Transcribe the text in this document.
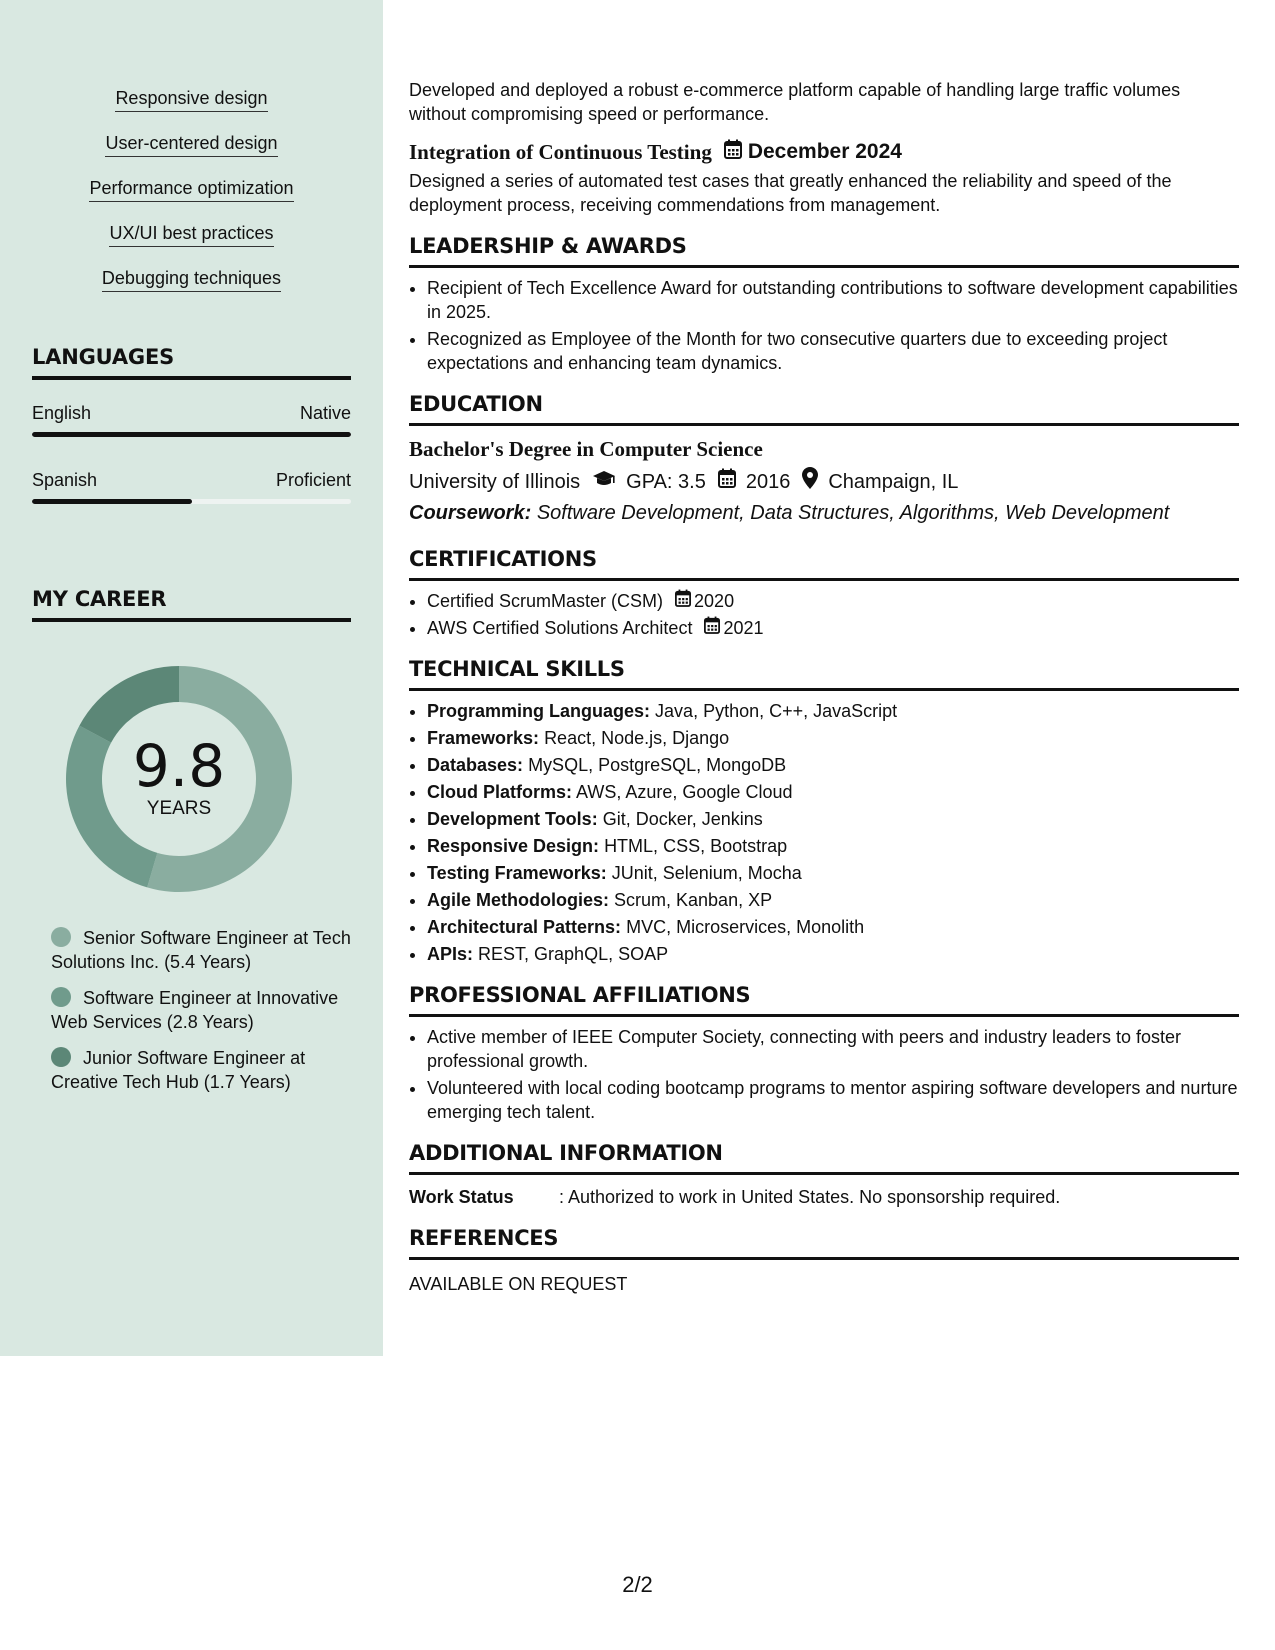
Responsive design
User-centered design
Performance optimization
UX/UI best practices
Debugging techniques
LANGUAGES
English	Native
Spanish	Proficient
MY CAREER
9.8
YEARS
Senior Software Engineer at Tech Solutions Inc. (5.4 Years)
Software Engineer at Innovative Web Services (2.8 Years)
Junior Software Engineer at Creative Tech Hub (1.7 Years)

Developed and deployed a robust e-commerce platform capable of handling large traffic volumes without compromising speed or performance.

Integration of Continuous Testing December 2024

Designed a series of automated test cases that greatly enhanced the reliability and speed of the deployment process, receiving commendations from management.

LEADERSHIP & AWARDS
• Recipient of Tech Excellence Award for outstanding contributions to software development capabilities in 2025.
• Recognized as Employee of the Month for two consecutive quarters due to exceeding project expectations and enhancing team dynamics.
EDUCATION
Bachelor's Degree in Computer Science
University of Illinois GPA: 3.5 2016 Champaign, IL
Coursework: Software Development, Data Structures, Algorithms, Web Development
CERTIFICATIONS
• Certified ScrumMaster (CSM) 2020
• AWS Certified Solutions Architect 2021
TECHNICAL SKILLS
• Programming Languages: Java, Python, C++, JavaScript
• Frameworks: React, Node.js, Django
• Databases: MySQL, PostgreSQL, MongoDB
• Cloud Platforms: AWS, Azure, Google Cloud
• Development Tools: Git, Docker, Jenkins
• Responsive Design: HTML, CSS, Bootstrap
• Testing Frameworks: JUnit, Selenium, Mocha
• Agile Methodologies: Scrum, Kanban, XP
• Architectural Patterns: MVC, Microservices, Monolith
• APIs: REST, GraphQL, SOAP
PROFESSIONAL AFFILIATIONS
• Active member of IEEE Computer Society, connecting with peers and industry leaders to foster professional growth.
• Volunteered with local coding bootcamp programs to mentor aspiring software developers and nurture emerging tech talent.
ADDITIONAL INFORMATION
Work Status	: Authorized to work in United States. No sponsorship required.
REFERENCES
AVAILABLE ON REQUEST
2/2
